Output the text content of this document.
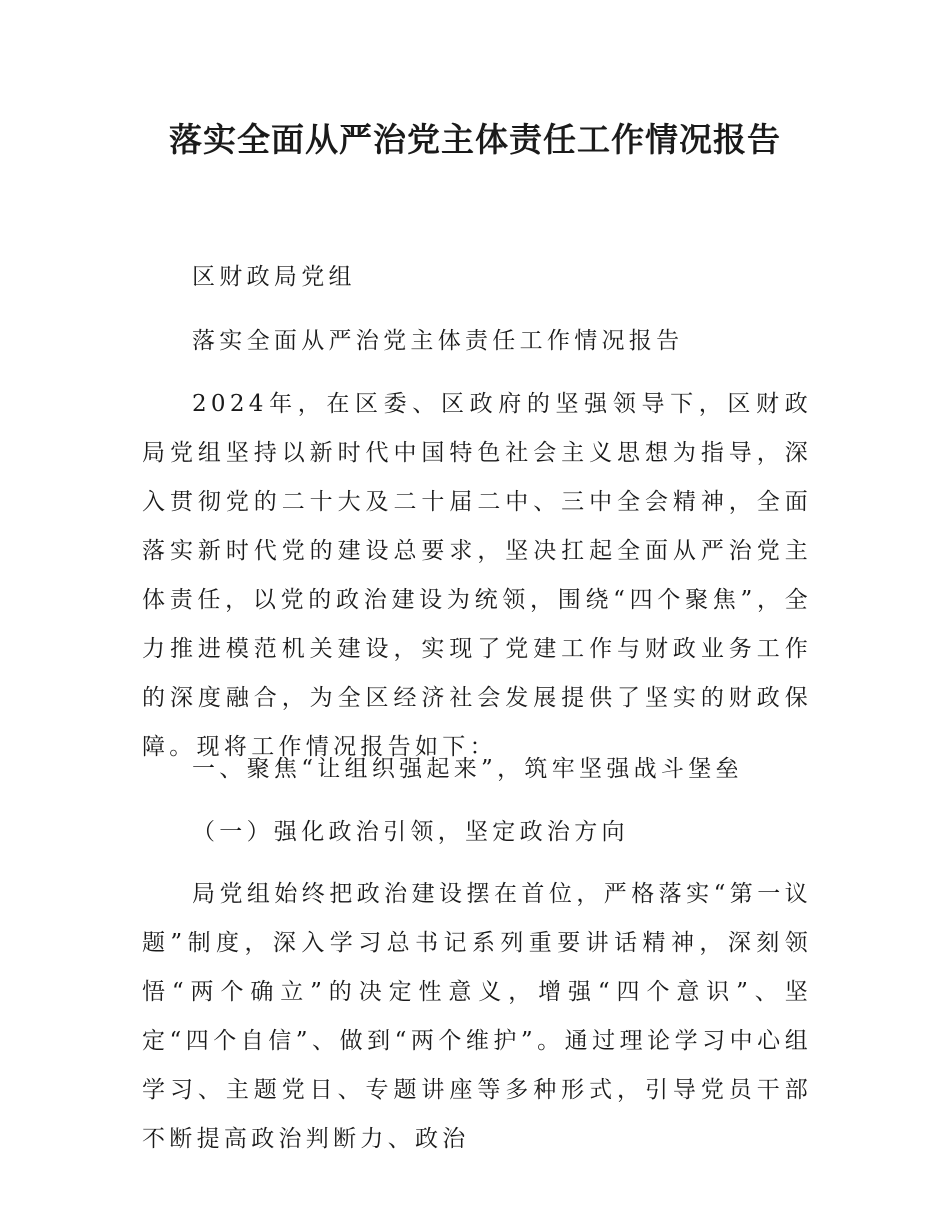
落实全面从严治党主体责任工作情况报告

区财政局党组

落实全面从严治党主体责任工作情况报告

2024年，在区委、区政府的坚强领导下，区财政局党组坚持以新时代中国特色社会主义思想为指导，深入贯彻党的二十大及二十届二中、三中全会精神，全面落实新时代党的建设总要求，坚决扛起全面从严治党主体责任，以党的政治建设为统领，围绕“四个聚焦”，全力推进模范机关建设，实现了党建工作与财政业务工作的深度融合，为全区经济社会发展提供了坚实的财政保障。现将工作情况报告如下：

一、聚焦“让组织强起来”，筑牢坚强战斗堡垒

（一）强化政治引领，坚定政治方向

局党组始终把政治建设摆在首位，严格落实“第一议题”制度，深入学习总书记系列重要讲话精神，深刻领悟“两个确立”的决定性意义，增强“四个意识”、坚定“四个自信”、做到“两个维护”。通过理论学习中心组学习、主题党日、专题讲座等多种形式，引导党员干部不断提高政治判断力、政治
